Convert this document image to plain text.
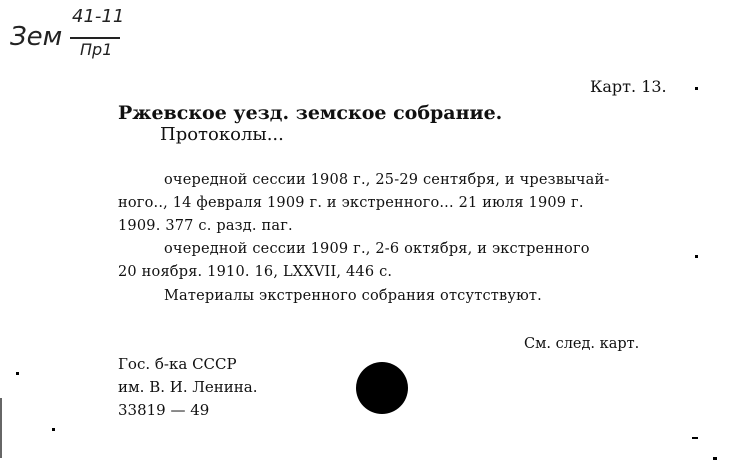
Зем
41-11
Пр1
Карт. 13.
Ржевское уезд. земское собрание.
Протоколы...
очередной сессии 1908 г., 25-29 сентября, и чрезвычай-
ного.., 14 февраля 1909 г. и экстренного... 21 июля 1909 г.
1909. 377 с. разд. паг.
очередной сессии 1909 г., 2-6 октября, и экстренного
20 ноября. 1910. 16, LXXVII, 446 с.
Материалы экстренного собрания отсутствуют.
См. след. карт.
Гос. б-ка СССР
им. В. И. Ленина.
33819 — 49
